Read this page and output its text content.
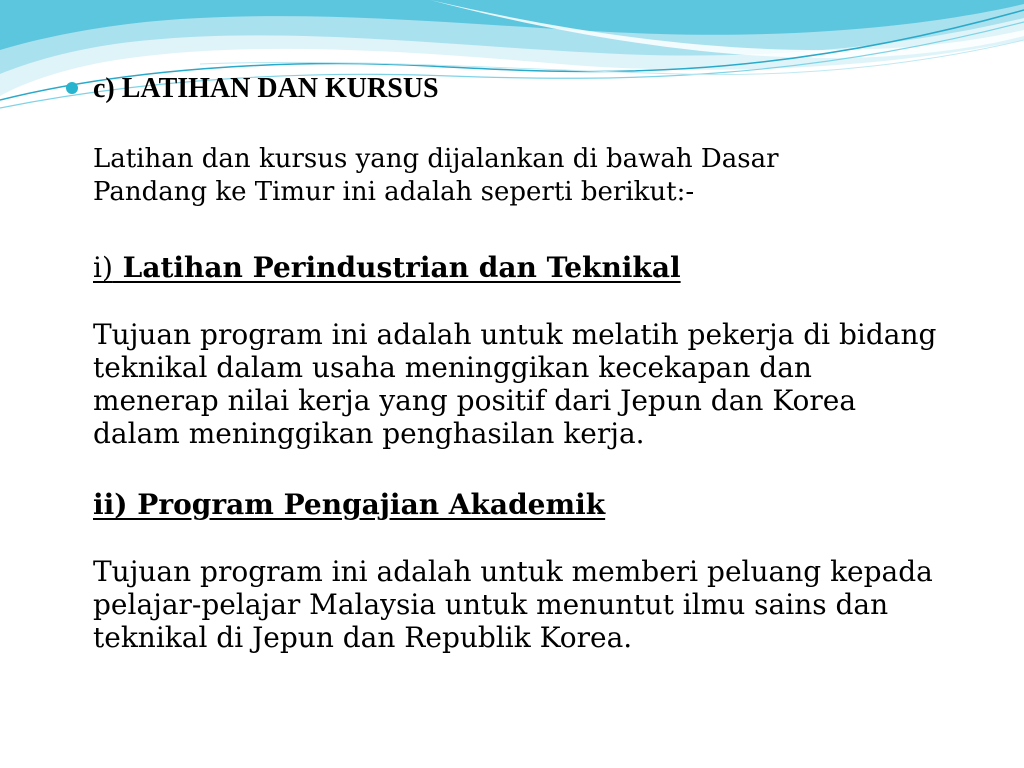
c) LATIHAN DAN KURSUS
Latihan dan kursus yang dijalankan di bawah Dasar
Pandang ke Timur ini adalah seperti berikut:-
i) Latihan Perindustrian dan Teknikal
Tujuan program ini adalah untuk melatih pekerja di bidang
teknikal dalam usaha meninggikan kecekapan dan
menerap nilai kerja yang positif dari Jepun dan Korea
dalam meninggikan penghasilan kerja.
ii) Program Pengajian Akademik
Tujuan program ini adalah untuk memberi peluang kepada
pelajar-pelajar Malaysia untuk menuntut ilmu sains dan
teknikal di Jepun dan Republik Korea.
